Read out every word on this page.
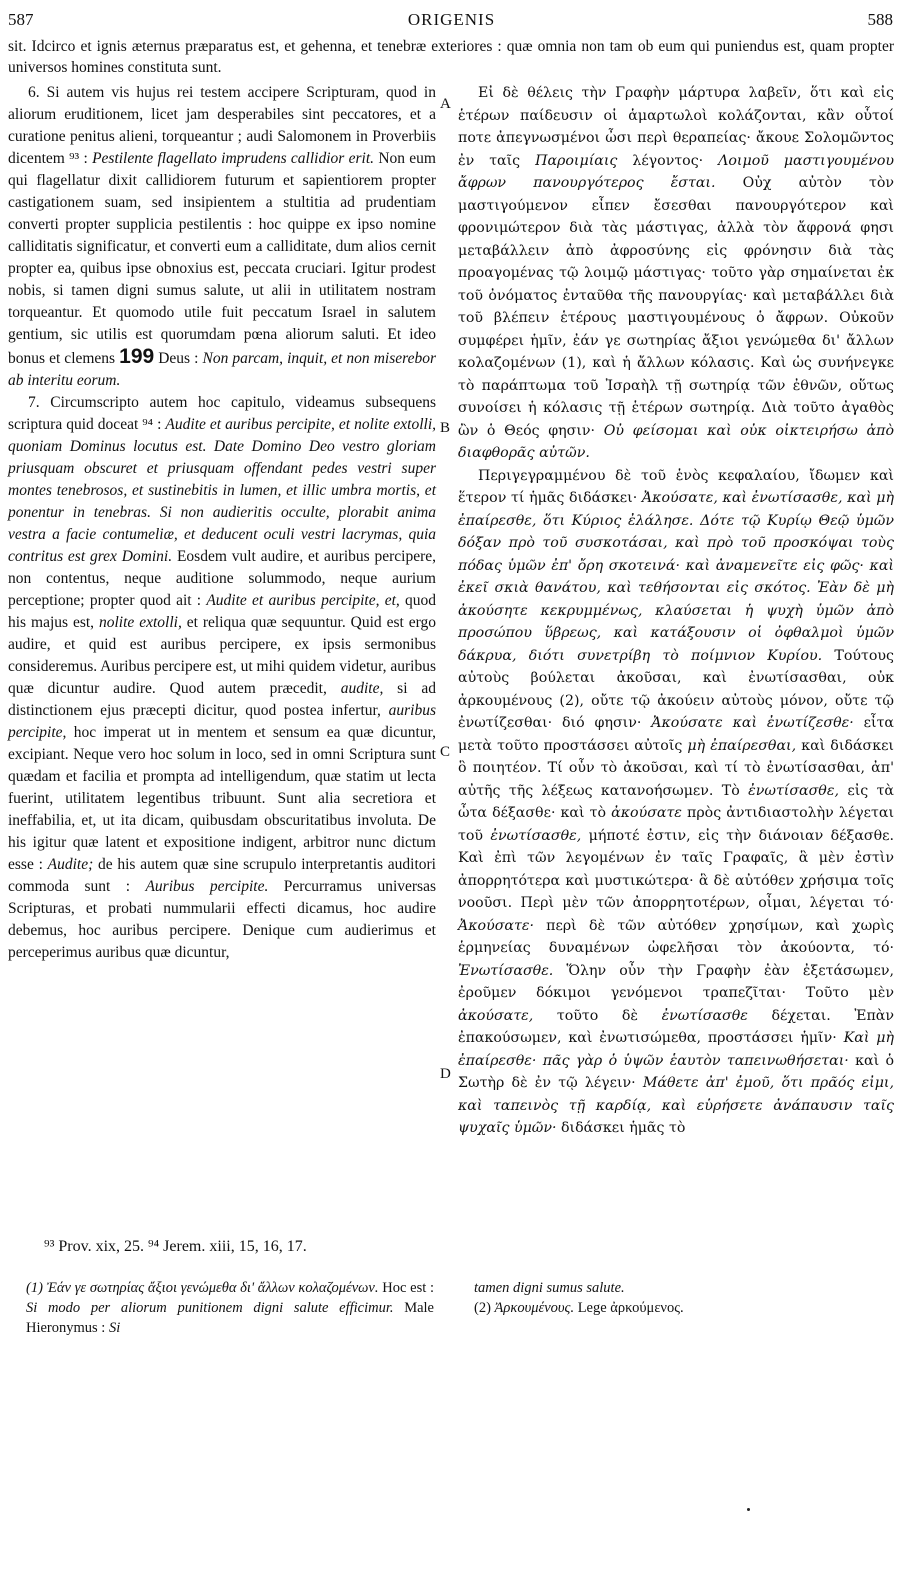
587	ORIGENIS	588
sit. Idcirco et ignis æternus præparatus est, et gehenna, et tenebræ exteriores : quæ omnia non tam ob eum qui puniendus est, quam propter universos homines constituta sunt.

6. Si autem vis hujus rei testem accipere Scripturam, quod in aliorum eruditionem, licet jam desperabiles sint peccatores, et a curatione penitus alieni, torqueantur ; audi Salomonem in Proverbiis dicentem ⁹³ : Pestilente flagellato imprudens callidior erit. Non eum qui flagellatur dixit callidiorem futurum et sapientiorem propter castigationem suam, sed insipientem a stultitia ad prudentiam converti propter supplicia pestilentis : hoc quippe ex ipso nomine calliditatis significatur, et converti eum a calliditate, dum alios cernit propter ea, quibus ipse obnoxius est, peccata cruciari. Igitur prodest nobis, si tamen digni sumus salute, ut alii in utilitatem nostram torqueantur. Et quomodo utile fuit peccatum Israel in salutem gentium, sic utilis est quorumdam pœna aliorum saluti. Et ideo bonus et clemens 199 Deus : Non parcam, inquit, et non miserebor ab interitu eorum.

7. Circumscripto autem hoc capitulo, videamus subsequens scriptura quid doceat ⁹⁴ : Audite et auribus percipite, et nolite extolli, quoniam Dominus locutus est. Date Domino Deo vestro gloriam priusquam obscuret et priusquam offendant pedes vestri super montes tenebrosos, et sustinebitis in lumen, et illic umbra mortis, et ponentur in tenebras. Si non audieritis occulte, plorabit anima vestra a facie contumeliæ, et deducent oculi vestri lacrymas, quia contritus est grex Domini. Eosdem vult audire, et auribus percipere, non contentus, neque auditione solummodo, neque aurium perceptione; propter quod ait : Audite et auribus percipite, et, quod his majus est, nolite extolli, et reliqua quæ sequuntur. Quid est ergo audire, et quid est auribus percipere, ex ipsis sermonibus consideremus. Auribus percipere est, ut mihi quidem videtur, auribus quæ dicuntur audire. Quod autem præcedit, audite, si ad distinctionem ejus præcepti dicitur, quod postea infertur, auribus percipite, hoc imperat ut in mentem et sensum ea quæ dicuntur, excipiant. Neque vero hoc solum in loco, sed in omni Scriptura sunt quædam et facilia et prompta ad intelligendum, quæ statim ut lecta fuerint, utilitatem legentibus tribuunt. Sunt alia secretiora et ineffabilia, et, ut ita dicam, quibusdam obscuritatibus involuta. De his igitur quæ latent et expositione indigent, arbitror nunc dictum esse : Audite; de his autem quæ sine scrupulo interpretantis auditori commoda sunt : Auribus percipite. Percurramus universas Scripturas, et probati nummularii effecti dicamus, hoc audire debemus, hoc auribus percipere. Denique cum audierimus et perceperimus auribus quæ dicuntur,

A
B
C
D

Εἰ δὲ θέλεις τὴν Γραφὴν μάρτυρα λαβεῖν, ὅτι καὶ εἰς ἑτέρων παίδευσιν οἱ ἁμαρτωλοὶ κολάζονται, κἂν οὗτοί ποτε ἀπεγνωσμένοι ὦσι περὶ θεραπείας· ἄκουε Σολομῶντος ἐν ταῖς Παροιμίαις λέγοντος· Λοιμοῦ μαστιγουμένου ἄφρων πανουργότερος ἔσται. Οὐχ αὐτὸν τὸν μαστιγούμενον εἶπεν ἔσεσθαι πανουργότερον καὶ φρονιμώτερον διὰ τὰς μάστιγας, ἀλλὰ τὸν ἄφρονά φησι μεταβάλλειν ἀπὸ ἀφροσύνης εἰς φρόνησιν διὰ τὰς προαγομένας τῷ λοιμῷ μάστιγας· τοῦτο γὰρ σημαίνεται ἐκ τοῦ ὀνόματος ἐνταῦθα τῆς πανουργίας· καὶ μεταβάλλει διὰ τοῦ βλέπειν ἑτέρους μαστιγουμένους ὁ ἄφρων. Οὐκοῦν συμφέρει ἡμῖν, ἐάν γε σωτηρίας ἄξιοι γενώμεθα δι' ἄλλων κολαζομένων (1), καὶ ἡ ἄλλων κόλασις. Καὶ ὡς συνήνεγκε τὸ παράπτωμα τοῦ Ἰσραὴλ τῇ σωτηρίᾳ τῶν ἐθνῶν, οὕτως συνοίσει ἡ κόλασις τῇ ἑτέρων σωτηρίᾳ. Διὰ τοῦτο ἀγαθὸς ὢν ὁ Θεός φησιν· Οὐ φείσομαι καὶ οὐκ οἰκτειρήσω ἀπὸ διαφθορᾶς αὐτῶν.

Περιγεγραμμένου δὲ τοῦ ἑνὸς κεφαλαίου, ἴδωμεν καὶ ἕτερον τί ἡμᾶς διδάσκει· Ἀκούσατε, καὶ ἐνωτίσασθε, καὶ μὴ ἐπαίρεσθε, ὅτι Κύριος ἐλάλησε. Δότε τῷ Κυρίῳ Θεῷ ὑμῶν δόξαν πρὸ τοῦ συσκοτάσαι, καὶ πρὸ τοῦ προσκόψαι τοὺς πόδας ὑμῶν ἐπ' ὄρη σκοτεινά· καὶ ἀναμενεῖτε εἰς φῶς· καὶ ἐκεῖ σκιὰ θανάτου, καὶ τεθήσονται εἰς σκότος. Ἐὰν δὲ μὴ ἀκούσητε κεκρυμμένως, κλαύσεται ἡ ψυχὴ ὑμῶν ἀπὸ προσώπου ὕβρεως, καὶ κατάξουσιν οἱ ὀφθαλμοὶ ὑμῶν δάκρυα, διότι συνετρίβη τὸ ποίμνιον Κυρίου. Τούτους αὐτοὺς βούλεται ἀκοῦσαι, καὶ ἐνωτίσασθαι, οὐκ ἀρκουμένους (2), οὔτε τῷ ἀκούειν αὐτοὺς μόνον, οὔτε τῷ ἐνωτίζεσθαι· διό φησιν· Ἀκούσατε καὶ ἐνωτίζεσθε· εἶτα μετὰ τοῦτο προστάσσει αὐτοῖς μὴ ἐπαίρεσθαι, καὶ διδάσκει ὃ ποιητέον. Τί οὖν τὸ ἀκοῦσαι, καὶ τί τὸ ἐνωτίσασθαι, ἀπ' αὐτῆς τῆς λέξεως κατανοήσωμεν. Τὸ ἐνωτίσασθε, εἰς τὰ ὦτα δέξασθε· καὶ τὸ ἀκούσατε πρὸς ἀντιδιαστολὴν λέγεται τοῦ ἐνωτίσασθε, μήποτέ ἐστιν, εἰς τὴν διάνοιαν δέξασθε. Καὶ ἐπὶ τῶν λεγομένων ἐν ταῖς Γραφαῖς, ἃ μὲν ἐστὶν ἀπορρητότερα καὶ μυστικώτερα· ἃ δὲ αὐτόθεν χρήσιμα τοῖς νοοῦσι. Περὶ μὲν τῶν ἀπορρητοτέρων, οἶμαι, λέγεται τό· Ἀκούσατε· περὶ δὲ τῶν αὐτόθεν χρησίμων, καὶ χωρὶς ἑρμηνείας δυναμένων ὠφελῆσαι τὸν ἀκούοντα, τό· Ἐνωτίσασθε. Ὅλην οὖν τὴν Γραφὴν ἐὰν ἐξετάσωμεν, ἐροῦμεν δόκιμοι γενόμενοι τραπεζῖται· Τοῦτο μὲν ἀκούσατε, τοῦτο δὲ ἐνωτίσασθε δέχεται. Ἐπὰν ἐπακούσωμεν, καὶ ἐνωτισώμεθα, προστάσσει ἡμῖν· Καὶ μὴ ἐπαίρεσθε· πᾶς γὰρ ὁ ὑψῶν ἑαυτὸν ταπεινωθήσεται· καὶ ὁ Σωτὴρ δὲ ἐν τῷ λέγειν· Μάθετε ἀπ' ἐμοῦ, ὅτι πρᾶός εἰμι, καὶ ταπεινὸς τῇ καρδίᾳ, καὶ εὑρήσετε ἀνάπαυσιν ταῖς ψυχαῖς ὑμῶν· διδάσκει ἡμᾶς τὸ

⁹³ Prov. xix, 25. ⁹⁴ Jerem. xiii, 15, 16, 17.

(1) Ἐάν γε σωτηρίας ἄξιοι γενώμεθα δι' ἄλλων κολαζομένων. Hoc est : Si modo per aliorum punitionem digni salute efficimur. Male Hieronymus : Si

tamen digni sumus salute.

(2) Ἀρκουμένους. Lege ἀρκούμενος.
